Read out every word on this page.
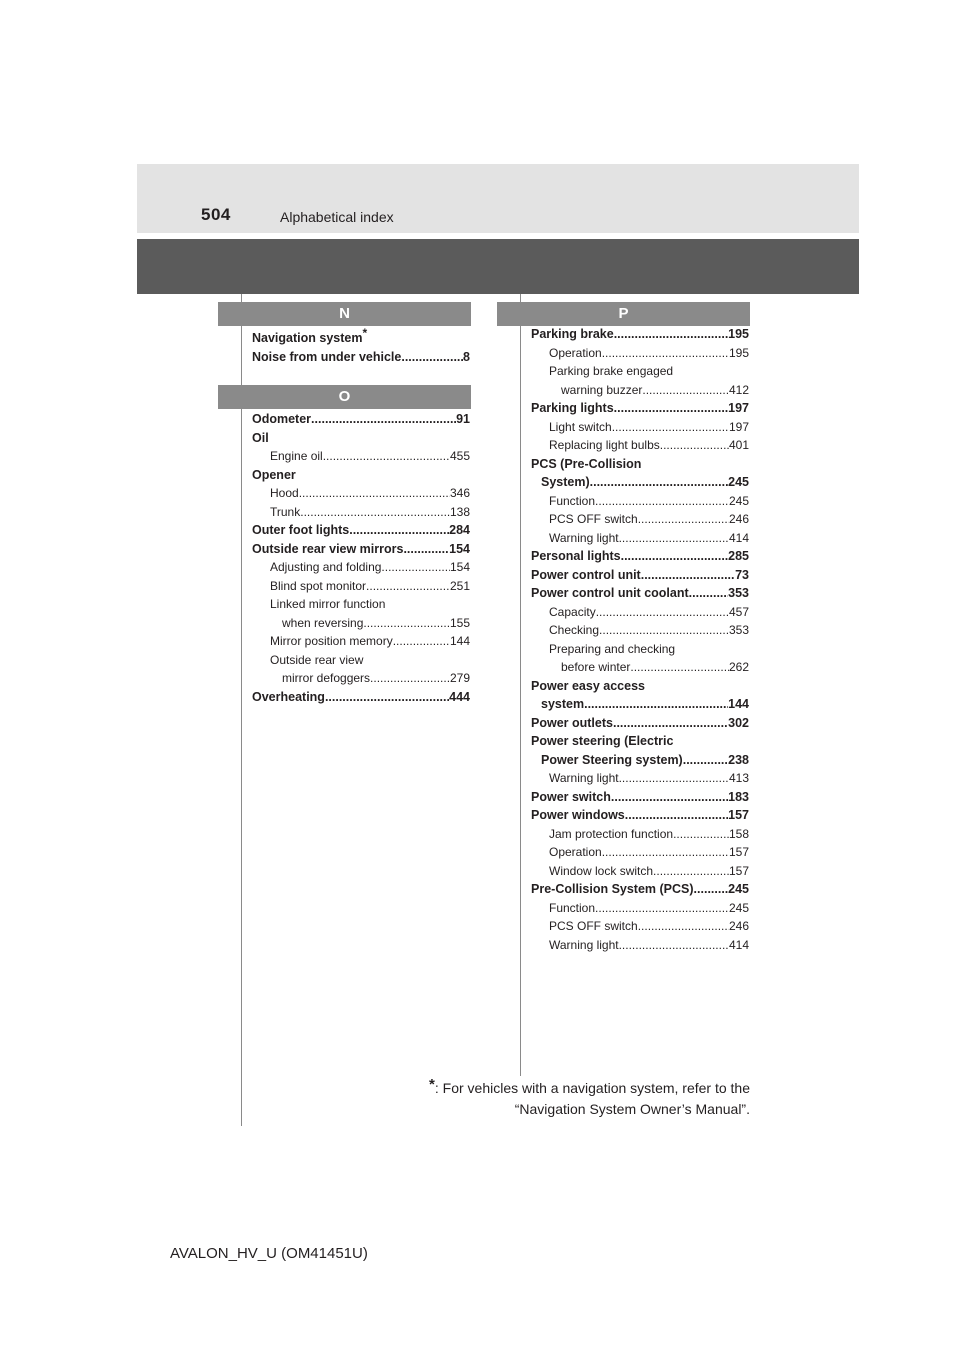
504	Alphabetical index
N
Navigation system*
Noise from under vehicle .....	8
O
Odometer .....	91
Oil
Engine oil .....	455
Opener
Hood .....	346
Trunk .....	138
Outer foot lights .....	284
Outside rear view mirrors .....	154
Adjusting and folding .....	154
Blind spot monitor .....	251
Linked mirror function
when reversing .....	155
Mirror position memory .....	144
Outside rear view
mirror defoggers .....	279
Overheating .....	444
P
Parking brake .....	195
Operation .....	195
Parking brake engaged
warning buzzer .....	412
Parking lights .....	197
Light switch .....	197
Replacing light bulbs .....	401
PCS (Pre-Collision
System) .....	245
Function .....	245
PCS OFF switch .....	246
Warning light .....	414
Personal lights .....	285
Power control unit .....	73
Power control unit coolant .....	353
Capacity .....	457
Checking .....	353
Preparing and checking
before winter .....	262
Power easy access
system .....	144
Power outlets .....	302
Power steering (Electric
Power Steering system) .....	238
Warning light .....	413
Power switch .....	183
Power windows .....	157
Jam protection function .....	158
Operation .....	157
Window lock switch .....	157
Pre-Collision System (PCS) .....	245
Function .....	245
PCS OFF switch .....	246
Warning light .....	414
*: For vehicles with a navigation system, refer to the
“Navigation System Owner’s Manual”.
AVALON_HV_U (OM41451U)
